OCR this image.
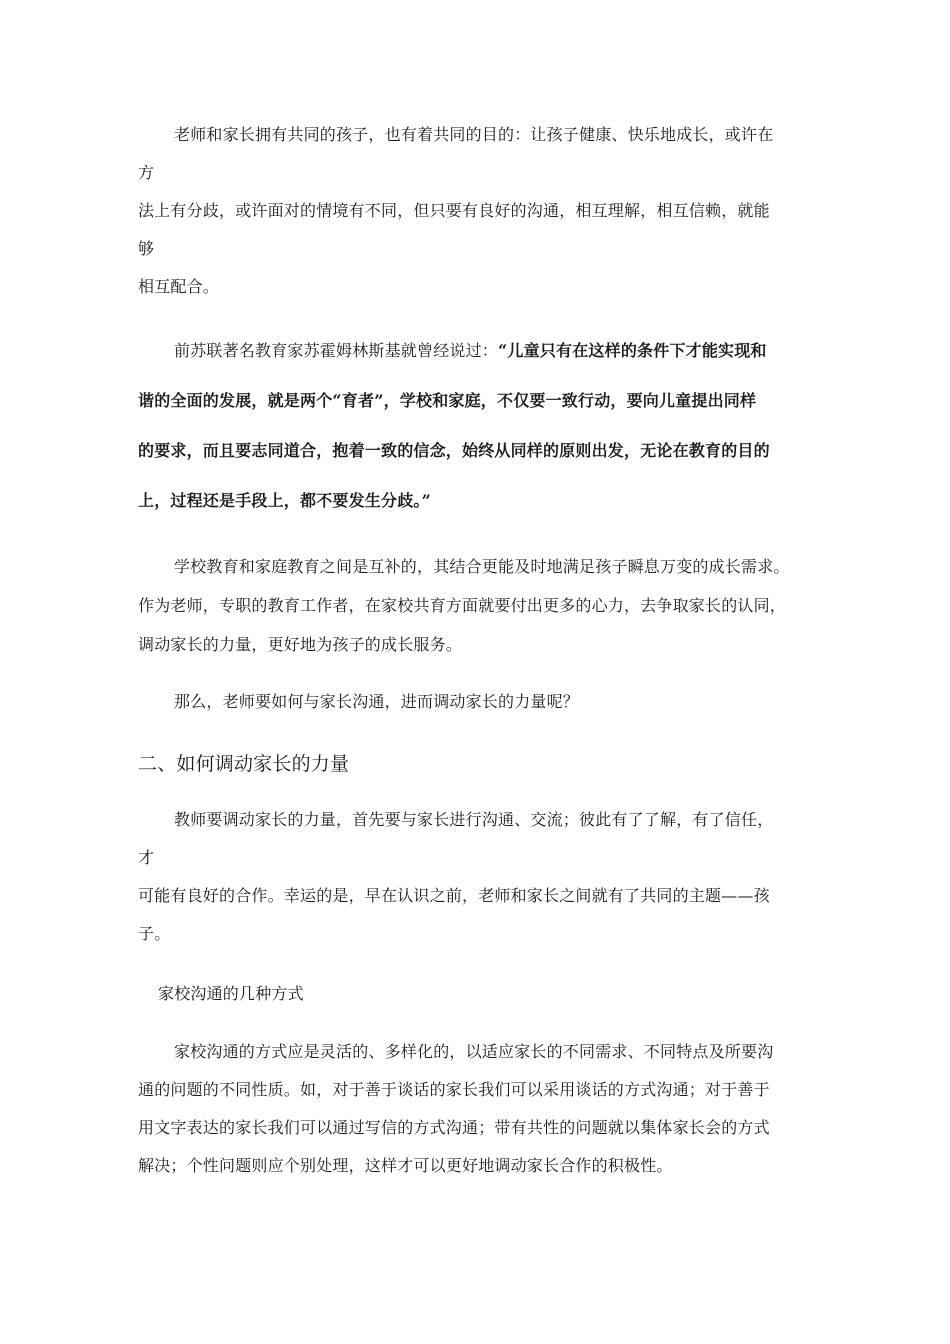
老师和家长拥有共同的孩子，也有着共同的目的：让孩子健康、快乐地成长，或许在
方
法上有分歧，或许面对的情境有不同，但只要有良好的沟通，相互理解，相互信赖，就能
够
相互配合。
前苏联著名教育家苏霍姆林斯基就曾经说过：“儿童只有在这样的条件下才能实现和
谐的全面的发展，就是两个“育者”，学校和家庭，不仅要一致行动，要向儿童提出同样
的要求，而且要志同道合，抱着一致的信念，始终从同样的原则出发，无论在教育的目的
上，过程还是手段上，都不要发生分歧。”
学校教育和家庭教育之间是互补的，其结合更能及时地满足孩子瞬息万变的成长需求。
作为老师，专职的教育工作者，在家校共育方面就要付出更多的心力，去争取家长的认同，
调动家长的力量，更好地为孩子的成长服务。
那么，老师要如何与家长沟通，进而调动家长的力量呢？
二、如何调动家长的力量
教师要调动家长的力量，首先要与家长进行沟通、交流；彼此有了了解，有了信任，
才
可能有良好的合作。幸运的是，早在认识之前，老师和家长之间就有了共同的主题——孩
子。
家校沟通的几种方式
家校沟通的方式应是灵活的、多样化的，以适应家长的不同需求、不同特点及所要沟
通的问题的不同性质。如，对于善于谈话的家长我们可以采用谈话的方式沟通；对于善于
用文字表达的家长我们可以通过写信的方式沟通；带有共性的问题就以集体家长会的方式
解决；个性问题则应个别处理，这样才可以更好地调动家长合作的积极性。
